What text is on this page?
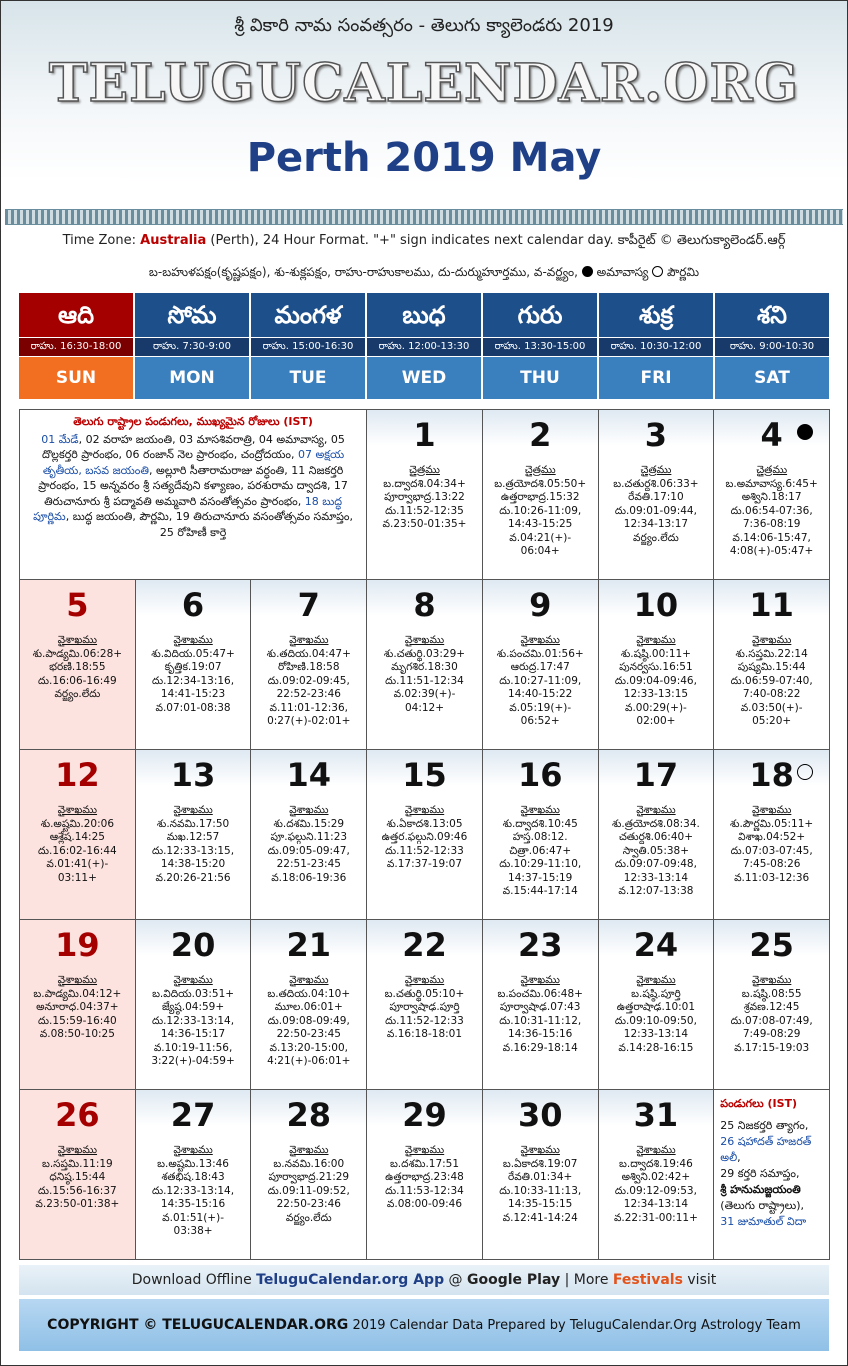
శ్రీ వికారి నామ సంవత్సరం - తెలుగు క్యాలెండరు 2019
TELUGUCALENDAR.ORG
Perth 2019 May
Time Zone: Australia (Perth), 24 Hour Format. "+" sign indicates next calendar day. కాపీరైట్ © తెలుగుక్యాలెండర్.ఆర్గ్
బ-బహుళపక్షం(కృష్ణపక్షం), శు-శుక్లపక్షం, రాహు-రాహుకాలము, దు-దుర్ముహూర్తము, వ-వర్జ్యం, అమావాస్య పౌర్ణమి
ఆది
రాహు. 16:30-18:00
SUN
సోమ
రాహు. 7:30-9:00
MON
మంగళ
రాహు. 15:00-16:30
TUE
బుధ
రాహు. 12:00-13:30
WED
గురు
రాహు. 13:30-15:00
THU
శుక్ర
రాహు. 10:30-12:00
FRI
శని
రాహు. 9:00-10:30
SAT
తెలుగు రాష్ట్రాల పండుగలు, ముఖ్యమైన రోజులు (IST)
01 మేడే, 02 వరాహ జయంతి, 03 మాసశివరాత్రి, 04 అమావాస్య, 05 దొల్లకర్తరి ప్రారంభం, 06 రంజాన్ నెల ప్రారంభం, చంద్రోదయం, 07 అక్షయ తృతీయ, బసవ జయంతి, అల్లూరి సీతారామరాజు వర్ధంతి, 11 నిజకర్తరి ప్రారంభం, 15 అన్నవరం శ్రీ సత్యదేవుని కళ్యాణం, పరశురామ ద్వాదశి, 17 తిరుచానూరు శ్రీ పద్మావతి అమ్మవారి వసంతోత్సవం ప్రారంభం, 18 బుద్ధ పూర్ణిమ, బుద్ధ జయంతి, పౌర్ణమి, 19 తిరుచానూరు వసంతోత్సవం సమాప్తం, 25 రోహిణీ కార్తె
1
చైత్రము
బ.ద్వాదశి.04:34+
పూర్వాభాద్ర.13:22
దు.11:52-12:35
వ.23:50-01:35+
2
చైత్రము
బ.త్రయోదశి.05:50+
ఉత్తరాభాద్ర.15:32
దు.10:26-11:09,
14:43-15:25
వ.04:21(+)-
06:04+
3
చైత్రము
బ.చతుర్దశి.06:33+
రేవతి.17:10
దు.09:01-09:44,
12:34-13:17
వర్జ్యం.లేదు
4
చైత్రము
బ.అమావాస్య.6:45+
అశ్విని.18:17
దు.06:54-07:36,
7:36-08:19
వ.14:06-15:47,
4:08(+)-05:47+
5
వైశాఖము
శు.పాడ్యమి.06:28+
భరణి.18:55
దు.16:06-16:49
వర్జ్యం.లేదు
6
వైశాఖము
శు.విదియ.05:47+
కృత్తిక.19:07
దు.12:34-13:16,
14:41-15:23
వ.07:01-08:38
7
వైశాఖము
శు.తదియ.04:47+
రోహిణి.18:58
దు.09:02-09:45,
22:52-23:46
వ.11:01-12:36,
0:27(+)-02:01+
8
వైశాఖము
శు.చతుర్థి.03:29+
మృగశిర.18:30
దు.11:51-12:34
వ.02:39(+)-
04:12+
9
వైశాఖము
శు.పంచమి.01:56+
ఆరుద్ర.17:47
దు.10:27-11:09,
14:40-15:22
వ.05:19(+)-
06:52+
10
వైశాఖము
శు.షష్ఠి.00:11+
పునర్వసు.16:51
దు.09:04-09:46,
12:33-13:15
వ.00:29(+)-
02:00+
11
వైశాఖము
శు.సప్తమి.22:14
పుష్యమి.15:44
దు.06:59-07:40,
7:40-08:22
వ.03:50(+)-
05:20+
12
వైశాఖము
శు.అష్టమి.20:06
ఆశ్లేష.14:25
దు.16:02-16:44
వ.01:41(+)-
03:11+
13
వైశాఖము
శు.నవమి.17:50
మఖ.12:57
దు.12:33-13:15,
14:38-15:20
వ.20:26-21:56
14
వైశాఖము
శు.దశమి.15:29
పూ.ఫల్గుని.11:23
దు.09:05-09:47,
22:51-23:45
వ.18:06-19:36
15
వైశాఖము
శు.ఏకాదశి.13:05
ఉత్తర.ఫల్గుని.09:46
దు.11:52-12:33
వ.17:37-19:07
16
వైశాఖము
శు.ద్వాదశి.10:45
హస్త.08:12.
చిత్రా.06:47+
దు.10:29-11:10,
14:37-15:19
వ.15:44-17:14
17
వైశాఖము
శు.త్రయోదశి.08:34.
చతుర్దశి.06:40+
స్వాతి.05:38+
దు.09:07-09:48,
12:33-13:14
వ.12:07-13:38
18
వైశాఖము
శు.పౌర్ణమి.05:11+
విశాఖ.04:52+
దు.07:03-07:45,
7:45-08:26
వ.11:03-12:36
19
వైశాఖము
బ.పాడ్యమి.04:12+
అనూరాధ.04:37+
దు.15:59-16:40
వ.08:50-10:25
20
వైశాఖము
బ.విదియ.03:51+
జ్యేష్ఠ.04:59+
దు.12:33-13:14,
14:36-15:17
వ.10:19-11:56,
3:22(+)-04:59+
21
వైశాఖము
బ.తదియ.04:10+
మూల.06:01+
దు.09:08-09:49,
22:50-23:45
వ.13:20-15:00,
4:21(+)-06:01+
22
వైశాఖము
బ.చతుర్థి.05:10+
పూర్వాషాఢ.పూర్తి
దు.11:52-12:33
వ.16:18-18:01
23
వైశాఖము
బ.పంచమి.06:48+
పూర్వాషాఢ.07:43
దు.10:31-11:12,
14:36-15:16
వ.16:29-18:14
24
వైశాఖము
బ.షష్ఠి.పూర్తి
ఉత్తరాషాఢ.10:01
దు.09:10-09:50,
12:33-13:14
వ.14:28-16:15
25
వైశాఖము
బ.షష్ఠి.08:55
శ్రవణ.12:45
దు.07:08-07:49,
7:49-08:29
వ.17:15-19:03
26
వైశాఖము
బ.సప్తమి.11:19
ధనిష్ఠ.15:44
దు.15:56-16:37
వ.23:50-01:38+
27
వైశాఖము
బ.అష్టమి.13:46
శతభిష.18:43
దు.12:33-13:14,
14:35-15:16
వ.01:51(+)-
03:38+
28
వైశాఖము
బ.నవమి.16:00
పూర్వాభాద్ర.21:29
దు.09:11-09:52,
22:50-23:46
వర్జ్యం.లేదు
29
వైశాఖము
బ.దశమి.17:51
ఉత్తరాభాద్ర.23:48
దు.11:53-12:34
వ.08:00-09:46
30
వైశాఖము
బ.ఏకాదశి.19:07
రేవతి.01:34+
దు.10:33-11:13,
14:35-15:15
వ.12:41-14:24
31
వైశాఖము
బ.ద్వాదశి.19:46
అశ్విని.02:42+
దు.09:12-09:53,
12:34-13:14
వ.22:31-00:11+
పండుగలు (IST)
25 నిజకర్తరి త్యాగం,
26 షహాదత్ హజరత్ అలీ,
29 కర్తరి సమాప్తం,
శ్రీ హనుమజ్జయంతి
(తెలుగు రాష్ట్రాలు),
31 జుమాతుల్ విదా
Download Offline TeluguCalendar.org App @ Google Play | More Festivals visit
COPYRIGHT © TELUGUCALENDAR.ORG 2019 Calendar Data Prepared by TeluguCalendar.Org Astrology Team
